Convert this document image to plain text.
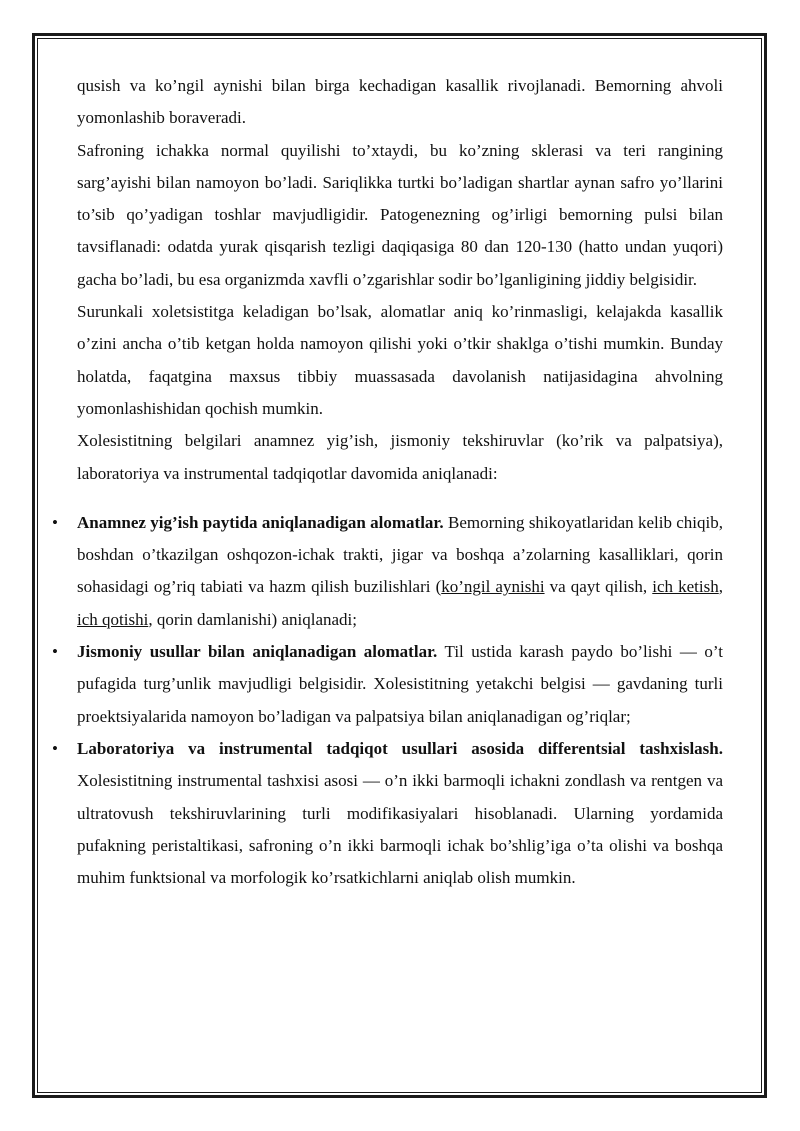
qusish va ko’ngil aynishi bilan birga kechadigan kasallik rivojlanadi. Bemorning ahvoli yomonlashib boraveradi.

Safroning ichakka normal quyilishi to’xtaydi, bu ko’zning sklerasi va teri rangining sarg’ayishi bilan namoyon bo’ladi. Sariqlikka turtki bo’ladigan shartlar aynan safro yo’llarini to’sib qo’yadigan toshlar mavjudligidir. Patogenezning og’irligi bemorning pulsi bilan tavsiflanadi: odatda yurak qisqarish tezligi daqiqasiga 80 dan 120-130 (hatto undan yuqori) gacha bo’ladi, bu esa organizmda xavfli o’zgarishlar sodir bo’lganligining jiddiy belgisidir.

Surunkali xoletsistitga keladigan bo’lsak, alomatlar aniq ko’rinmasligi, kelajakda kasallik o’zini ancha o’tib ketgan holda namoyon qilishi yoki o’tkir shaklga o’tishi mumkin. Bunday holatda, faqatgina maxsus tibbiy muassasada davolanish natijasidagina ahvolning yomonlashishidan qochish mumkin.

Xolesistitning belgilari anamnez yig’ish, jismoniy tekshiruvlar (ko’rik va palpatsiya), laboratoriya va instrumental tadqiqotlar davomida aniqlanadi:

• Anamnez yig’ish paytida aniqlanadigan alomatlar. Bemorning shikoyatlaridan kelib chiqib, boshdan o’tkazilgan oshqozon-ichak trakti, jigar va boshqa a’zolarning kasalliklari, qorin sohasidagi og’riq tabiati va hazm qilish buzilishlari (ko’ngil aynishi va qayt qilish, ich ketish, ich qotishi, qorin damlanishi) aniqlanadi;
• Jismoniy usullar bilan aniqlanadigan alomatlar. Til ustida karash paydo bo’lishi — o’t pufagida turg’unlik mavjudligi belgisidir. Xolesistitning yetakchi belgisi — gavdaning turli proektsiyalarida namoyon bo’ladigan va palpatsiya bilan aniqlanadigan og’riqlar;
• Laboratoriya va instrumental tadqiqot usullari asosida differentsial tashxislash. Xolesistitning instrumental tashxisi asosi — o’n ikki barmoqli ichakni zondlash va rentgen va ultratovush tekshiruvlarining turli modifikasiyalari hisoblanadi. Ularning yordamida pufakning peristaltikasi, safroning o’n ikki barmoqli ichak bo’shlig’iga o’ta olishi va boshqa muhim funktsional va morfologik ko’rsatkichlarni aniqlab olish mumkin.
